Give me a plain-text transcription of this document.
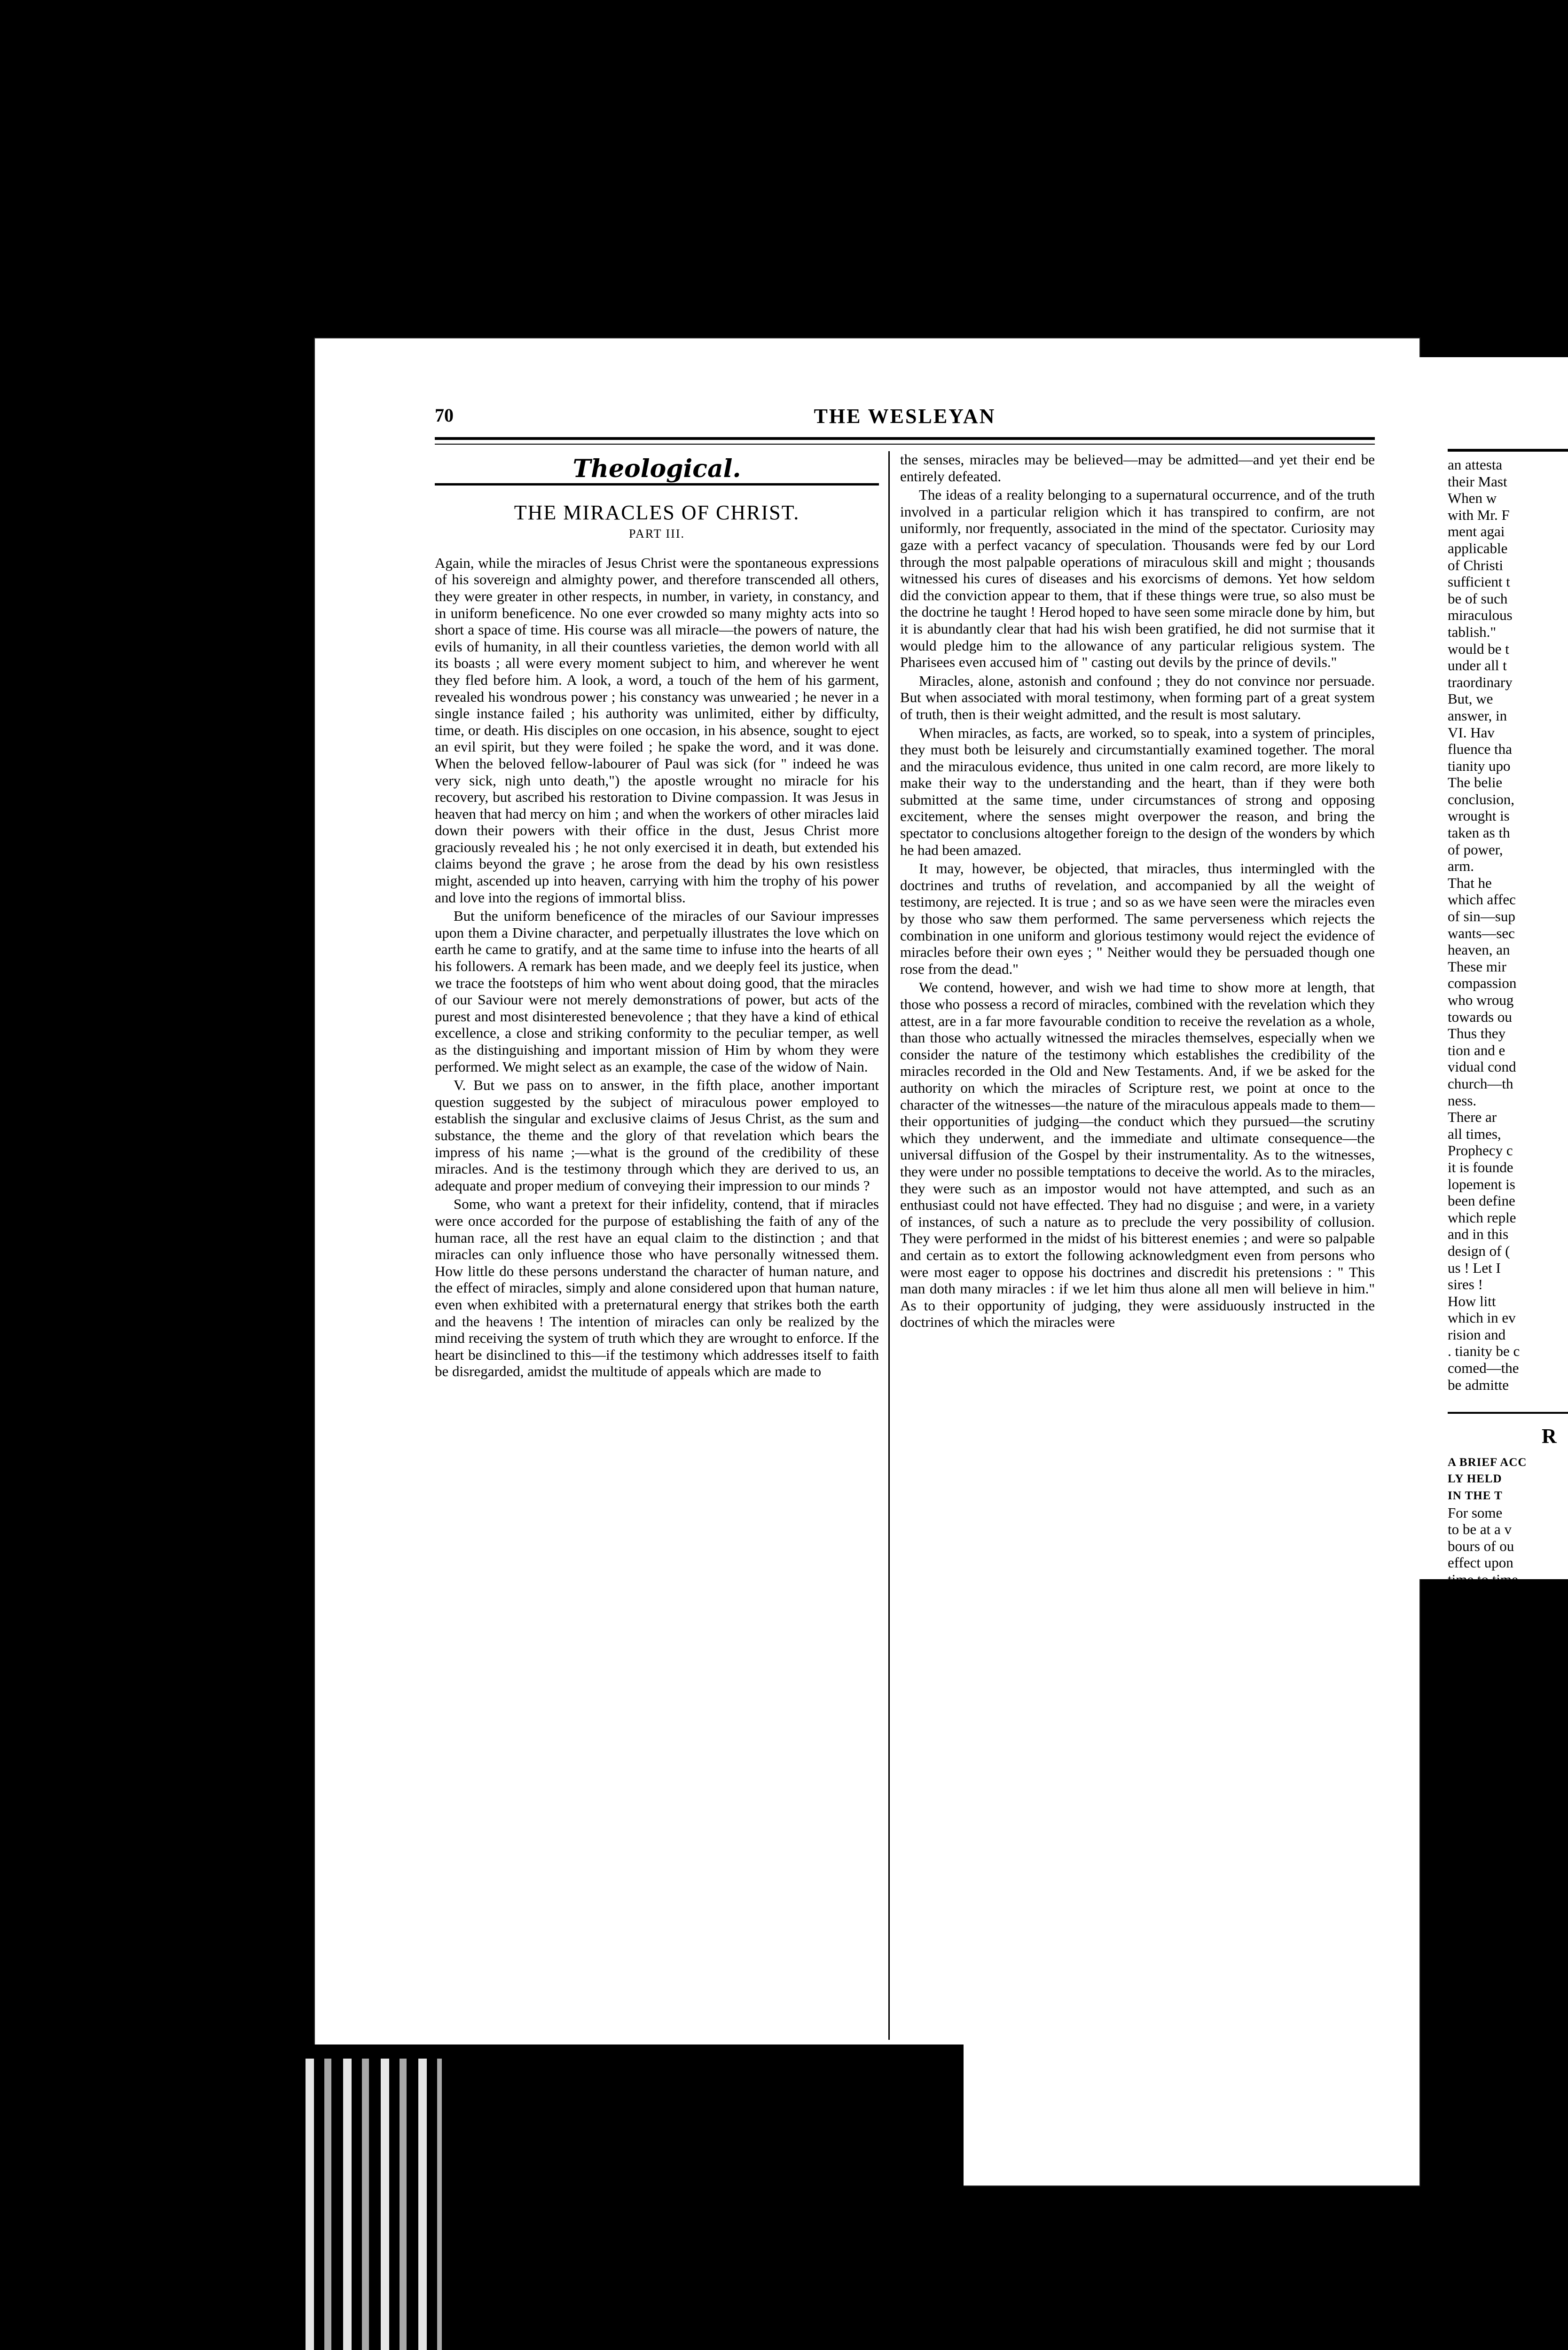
70	THE WESLEYAN
Theological.
THE MIRACLES OF CHRIST.
PART III.

Again, while the miracles of Jesus Christ were the spontaneous expressions of his sovereign and almighty power, and therefore transcended all others, they were greater in other respects, in number, in variety, in constancy, and in uniform beneficence. No one ever crowded so many mighty acts into so short a space of time. His course was all miracle—the powers of nature, the evils of humanity, in all their countless varieties, the demon world with all its boasts ; all were every moment subject to him, and wherever he went they fled before him. A look, a word, a touch of the hem of his garment, revealed his wondrous power ; his constancy was unwearied ; he never in a single instance failed ; his authority was unlimited, either by difficulty, time, or death. His disciples on one occasion, in his absence, sought to eject an evil spirit, but they were foiled ; he spake the word, and it was done. When the beloved fellow-labourer of Paul was sick (for " indeed he was very sick, nigh unto death,") the apostle wrought no miracle for his recovery, but ascribed his restoration to Divine compassion. It was Jesus in heaven that had mercy on him ; and when the workers of other miracles laid down their powers with their office in the dust, Jesus Christ more graciously revealed his ; he not only exercised it in death, but extended his claims beyond the grave ; he arose from the dead by his own resistless might, ascended up into heaven, carrying with him the trophy of his power and love into the regions of immortal bliss.

But the uniform beneficence of the miracles of our Saviour impresses upon them a Divine character, and perpetually illustrates the love which on earth he came to gratify, and at the same time to infuse into the hearts of all his followers. A remark has been made, and we deeply feel its justice, when we trace the footsteps of him who went about doing good, that the miracles of our Saviour were not merely demonstrations of power, but acts of the purest and most disinterested benevolence ; that they have a kind of ethical excellence, a close and striking conformity to the peculiar temper, as well as the distinguishing and important mission of Him by whom they were performed. We might select as an example, the case of the widow of Nain.

V. But we pass on to answer, in the fifth place, another important question suggested by the subject of miraculous power employed to establish the singular and exclusive claims of Jesus Christ, as the sum and substance, the theme and the glory of that revelation which bears the impress of his name ;—what is the ground of the credibility of these miracles. And is the testimony through which they are derived to us, an adequate and proper medium of conveying their impression to our minds ?

Some, who want a pretext for their infidelity, contend, that if miracles were once accorded for the purpose of establishing the faith of any of the human race, all the rest have an equal claim to the distinction ; and that miracles can only influence those who have personally witnessed them. How little do these persons understand the character of human nature, and the effect of miracles, simply and alone considered upon that human nature, even when exhibited with a preternatural energy that strikes both the earth and the heavens ! The intention of miracles can only be realized by the mind receiving the system of truth which they are wrought to enforce. If the heart be disinclined to this—if the testimony which addresses itself to faith be disregarded, amidst the multitude of appeals which are made to

the senses, miracles may be believed—may be admitted—and yet their end be entirely defeated.

The ideas of a reality belonging to a supernatural occurrence, and of the truth involved in a particular religion which it has transpired to confirm, are not uniformly, nor frequently, associated in the mind of the spectator. Curiosity may gaze with a perfect vacancy of speculation. Thousands were fed by our Lord through the most palpable operations of miraculous skill and might ; thousands witnessed his cures of diseases and his exorcisms of demons. Yet how seldom did the conviction appear to them, that if these things were true, so also must be the doctrine he taught ! Herod hoped to have seen some miracle done by him, but it is abundantly clear that had his wish been gratified, he did not surmise that it would pledge him to the allowance of any particular religious system. The Pharisees even accused him of " casting out devils by the prince of devils."

Miracles, alone, astonish and confound ; they do not convince nor persuade. But when associated with moral testimony, when forming part of a great system of truth, then is their weight admitted, and the result is most salutary.

When miracles, as facts, are worked, so to speak, into a system of principles, they must both be leisurely and circumstantially examined together. The moral and the miraculous evidence, thus united in one calm record, are more likely to make their way to the understanding and the heart, than if they were both submitted at the same time, under circumstances of strong and opposing excitement, where the senses might overpower the reason, and bring the spectator to conclusions altogether foreign to the design of the wonders by which he had been amazed.

It may, however, be objected, that miracles, thus intermingled with the doctrines and truths of revelation, and accompanied by all the weight of testimony, are rejected. It is true ; and so as we have seen were the miracles even by those who saw them performed. The same perverseness which rejects the combination in one uniform and glorious testimony would reject the evidence of miracles before their own eyes ; " Neither would they be persuaded though one rose from the dead."

We contend, however, and wish we had time to show more at length, that those who possess a record of miracles, combined with the revelation which they attest, are in a far more favourable condition to receive the revelation as a whole, than those who actually witnessed the miracles themselves, especially when we consider the nature of the testimony which establishes the credibility of the miracles recorded in the Old and New Testaments. And, if we be asked for the authority on which the miracles of Scripture rest, we point at once to the character of the witnesses—the nature of the miraculous appeals made to them—their opportunities of judging—the conduct which they pursued—the scrutiny which they underwent, and the immediate and ultimate consequence—the universal diffusion of the Gospel by their instrumentality. As to the witnesses, they were under no possible temptations to deceive the world. As to the miracles, they were such as an impostor would not have attempted, and such as an enthusiast could not have effected. They had no disguise ; and were, in a variety of instances, of such a nature as to preclude the very possibility of collusion. They were performed in the midst of his bitterest enemies ; and were so palpable and certain as to extort the following acknowledgment even from persons who were most eager to oppose his doctrines and discredit his pretensions : " This man doth many miracles : if we let him thus alone all men will believe in him." As to their opportunity of judging, they were assiduously instructed in the doctrines of which the miracles were

an attesta
their Mast
When w
with Mr. F
ment agai
applicable
of Christi
sufficient t
be of such
miraculous
tablish."
would be t
under all t
traordinary
But, we
answer, in
VI. Hav
fluence tha
tianity upo
The belie
conclusion,
wrought is
taken as th
of power,
arm.
That he
which affec
of sin—sup
wants—sec
heaven, an
These mir
compassion
who wroug
towards ou
Thus they
tion and e
vidual cond
church—th
ness.
There ar
all times,
Prophecy c
it is founde
lopement is
been define
which reple
and in this
design of (
us ! Let I
sires !
How litt
which in ev
rision and
. tianity be c
comed—the
be admitte
R
A BRIEF ACC
LY HELD
IN THE T
For some
to be at a v
bours of ou
effect upon
time to time
to the faith
blessing att
cuit of Corn
speakable t
Aylesford, th
the same m
